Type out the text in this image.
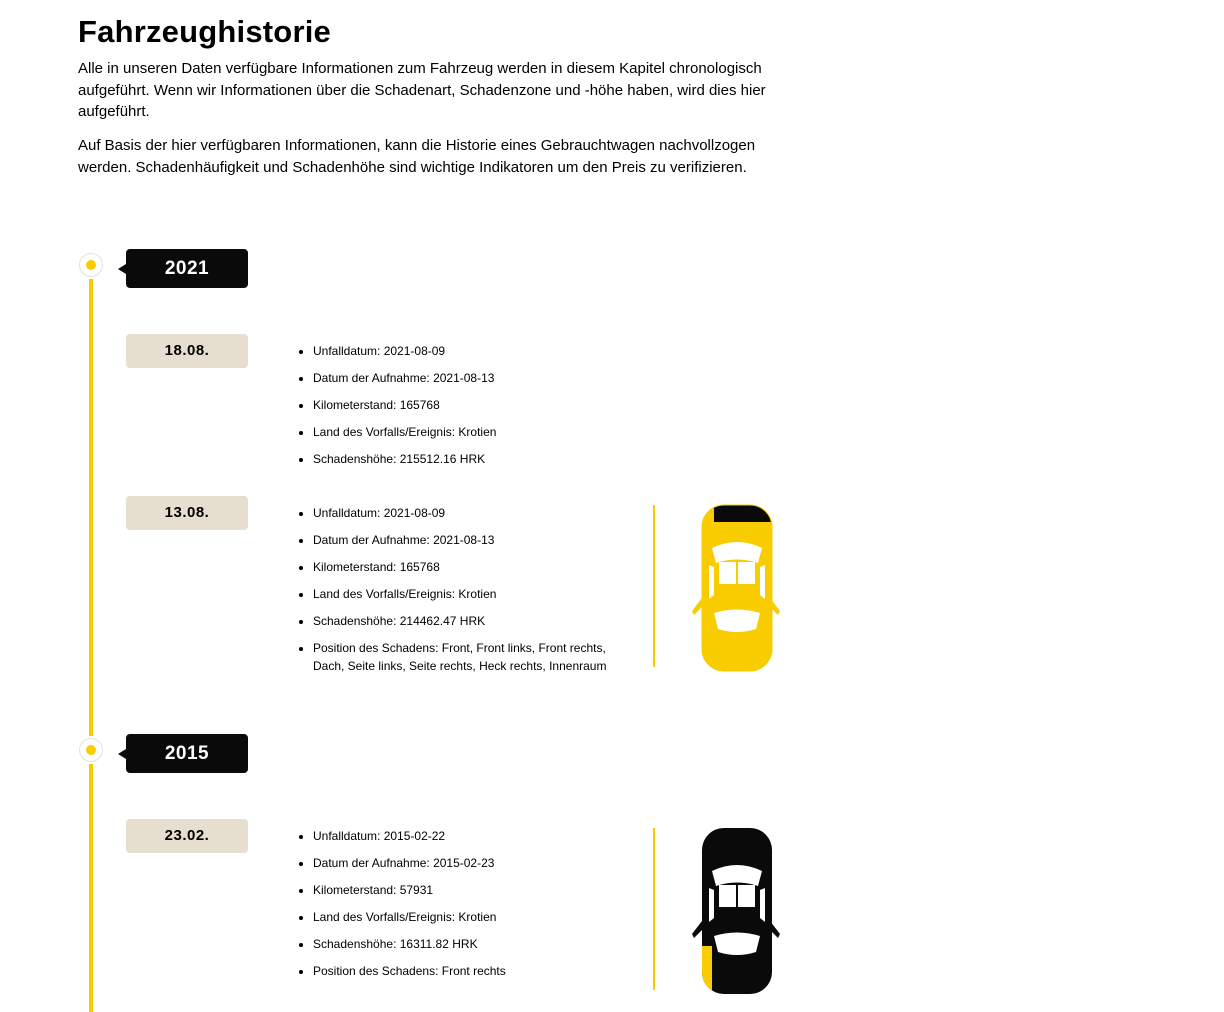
Fahrzeughistorie

Alle in unseren Daten verfügbare Informationen zum Fahrzeug werden in diesem Kapitel chronologisch aufgeführt. Wenn wir Informationen über die Schadenart, Schadenzone und -höhe haben, wird dies hier aufgeführt.

Auf Basis der hier verfügbaren Informationen, kann die Historie eines Gebrauchtwagen nachvollzogen werden. Schadenhäufigkeit und Schadenhöhe sind wichtige Indikatoren um den Preis zu verifizieren.

2021
18.08.	• Unfalldatum: 2021-08-09
• Datum der Aufnahme: 2021-08-13
• Kilometerstand: 165768
• Land des Vorfalls/Ereignis: Krotien
• Schadenshöhe: 215512.16 HRK
13.08.	• Unfalldatum: 2021-08-09
• Datum der Aufnahme: 2021-08-13
• Kilometerstand: 165768
• Land des Vorfalls/Ereignis: Krotien
• Schadenshöhe: 214462.47 HRK
• Position des Schadens: Front, Front links, Front rechts, Dach, Seite links, Seite rechts, Heck rechts, Innenraum
2015
23.02.	• Unfalldatum: 2015-02-22
• Datum der Aufnahme: 2015-02-23
• Kilometerstand: 57931
• Land des Vorfalls/Ereignis: Krotien
• Schadenshöhe: 16311.82 HRK
• Position des Schadens: Front rechts
